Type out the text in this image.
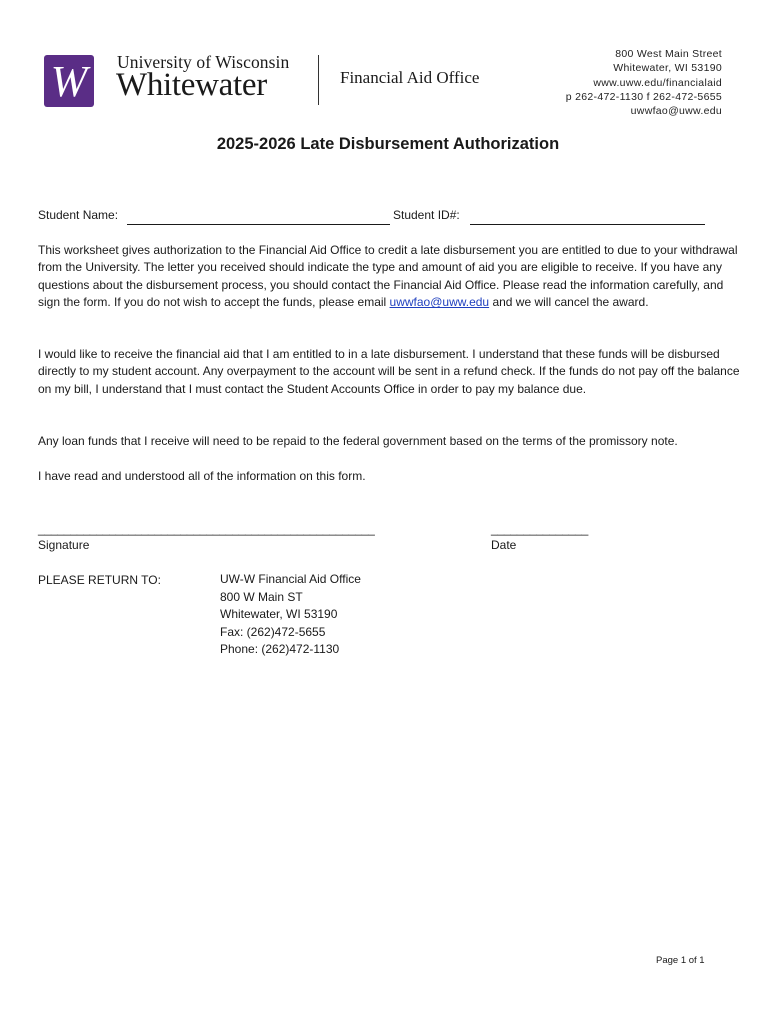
W University of Wisconsin
Whitewater	Financial Aid Office
800 West Main Street
Whitewater, WI 53190
www.uww.edu/financialaid
p 262-472-1130 f 262-472-5655
uwwfao@uww.edu
2025-2026 Late Disbursement Authorization
Student Name:	Student ID#:
This worksheet gives authorization to the Financial Aid Office to credit a late disbursement you are entitled to due to your withdrawal from the University. The letter you received should indicate the type and amount of aid you are eligible to receive. If you have any questions about the disbursement process, you should contact the Financial Aid Office. Please read the information carefully, and sign the form. If you do not wish to accept the funds, please email uwwfao@uww.edu and we will cancel the award.
I would like to receive the financial aid that I am entitled to in a late disbursement. I understand that these funds will be disbursed directly to my student account. Any overpayment to the account will be sent in a refund check. If the funds do not pay off the balance on my bill, I understand that I must contact the Student Accounts Office in order to pay my balance due.
Any loan funds that I receive will need to be repaid to the federal government based on the terms of the promissory note.
I have read and understood all of the information on this form.
____________________________________________________
Signature
_______________
Date
PLEASE RETURN TO:	UW-W Financial Aid Office
800 W Main ST
Whitewater, WI 53190
Fax: (262)472-5655
Phone: (262)472-1130
Page 1 of 1
